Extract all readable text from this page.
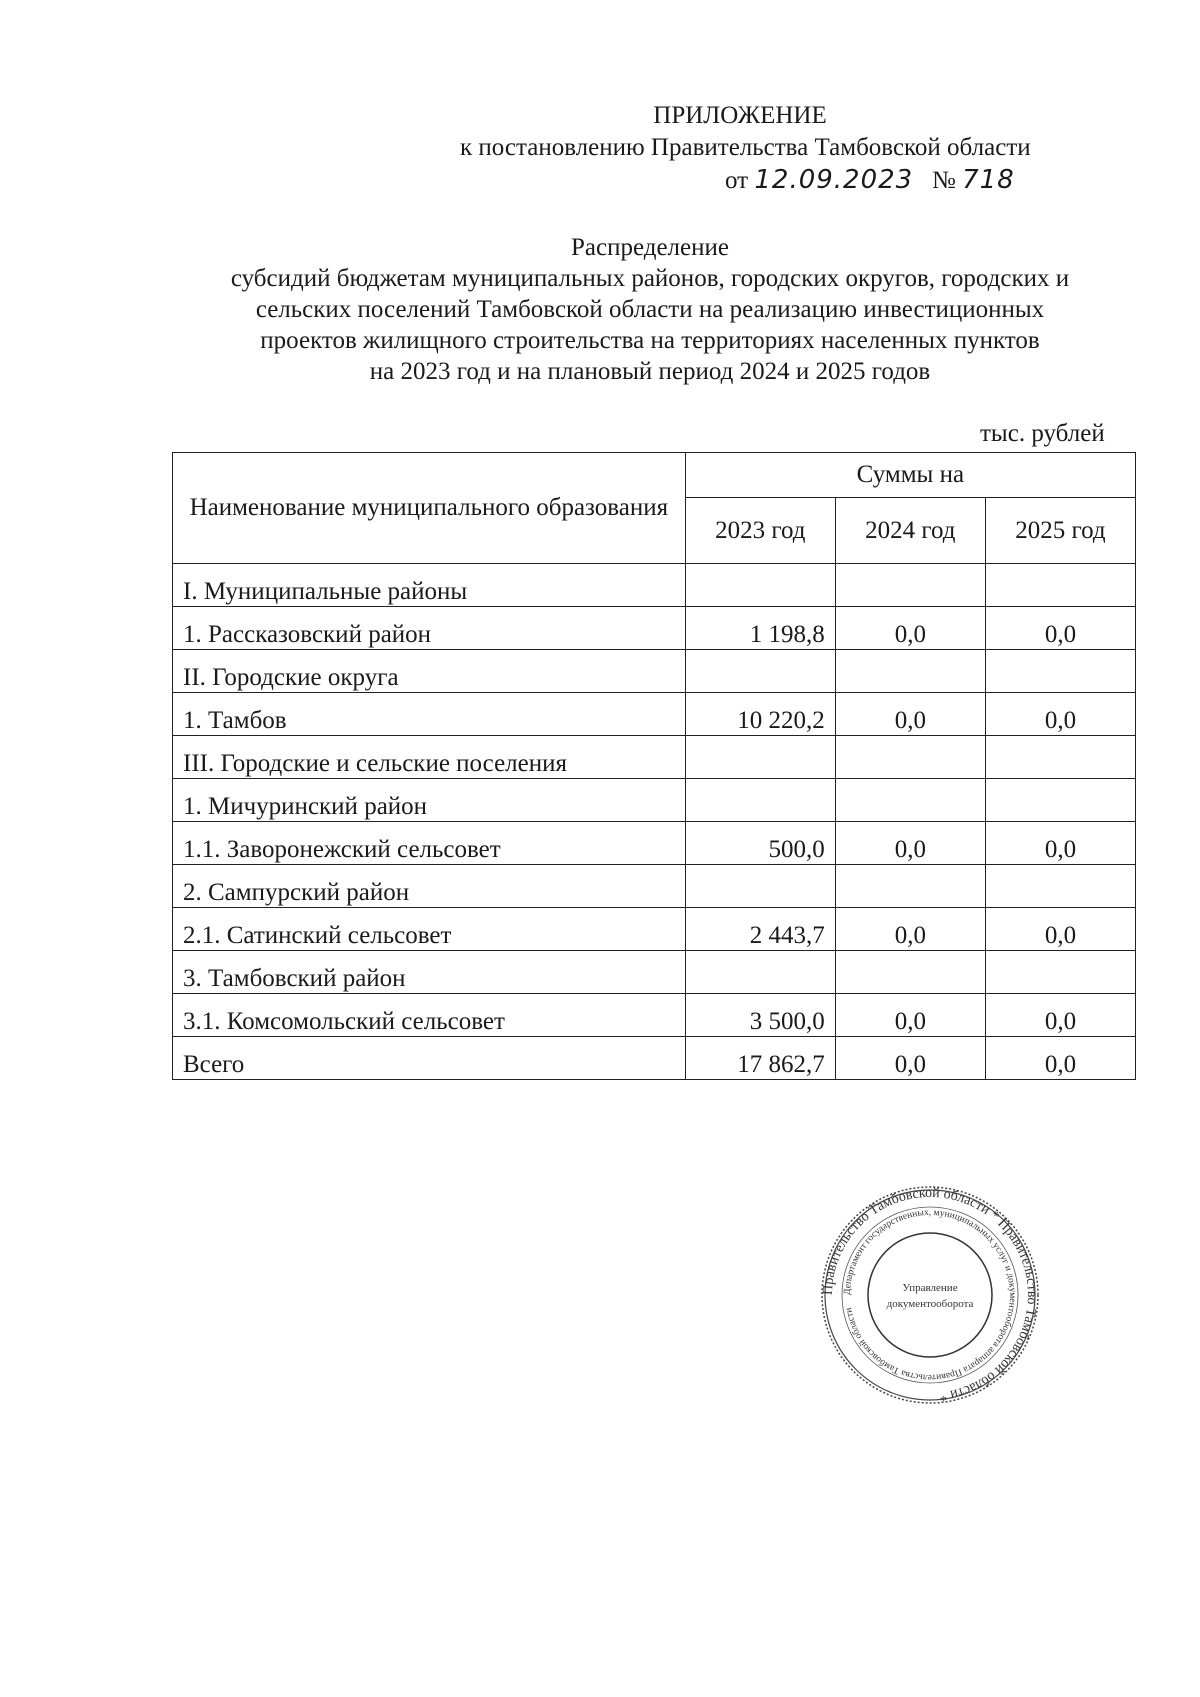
ПРИЛОЖЕНИЕ
к постановлению Правительства Тамбовской области
от 12.09.2023 № 718
Распределение
субсидий бюджетам муниципальных районов, городских округов, городских и
сельских поселений Тамбовской области на реализацию инвестиционных
проектов жилищного строительства на территориях населенных пунктов
на 2023 год и на плановый период 2024 и 2025 годов
тыс. рублей
Наименование муниципального образования	Суммы на		
	2023 год	2024 год	2025 год
I. Муниципальные районы			
1. Рассказовский район	1 198,8	0,0	0,0
II. Городские округа			
1. Тамбов	10 220,2	0,0	0,0
III. Городские и сельские поселения			
1. Мичуринский район			
1.1. Заворонежский сельсовет	500,0	0,0	0,0
2. Сампурский район			
2.1. Сатинский сельсовет	2 443,7	0,0	0,0
3. Тамбовский район			
3.1. Комсомольский сельсовет	3 500,0	0,0	0,0
Всего	17 862,7	0,0	0,0
Правительство Тамбовской области * Правительство Тамбовской области *
Департамент государственных, муниципальных услуг и документооборота аппарата Правительства Тамбовской области
Управление
документооборота
